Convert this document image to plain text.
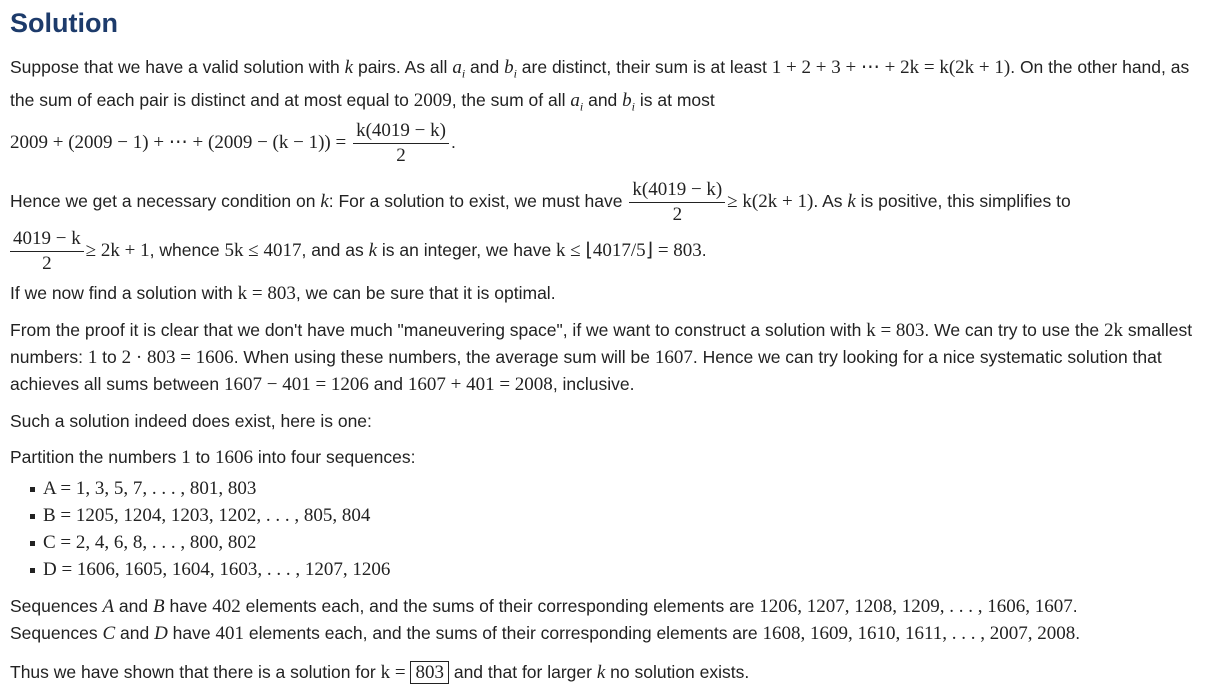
Solution

Suppose that we have a valid solution with k pairs. As all $a_i$ and $b_i$ are distinct, their sum is at least 1 + 2 + 3 + ⋯ + 2k = k(2k + 1). On the other hand, as the sum of each pair is distinct and at most equal to 2009, the sum of all $a_i$ and $b_i$ is at most

2009 + (2009 − 1) + ⋯ + $(2009 - (k - 1)) = \frac{k(4019 - k)}{2}$ .

Hence we get a necessary condition on k: For a solution to exist, we must have $\frac{k(4019 - k)}{2} \ge k(2k + 1)$. As k is positive, this simplifies to

$\frac{4019 - k}{2} \ge 2k + 1$, whence 5k ≤ 4017, and as k is an integer, we have k ≤ ⌊4017/5⌋ = 803.

If we now find a solution with k = 803, we can be sure that it is optimal.

From the proof it is clear that we don't have much "maneuvering space", if we want to construct a solution with k = 803. We can try to use the 2k smallest numbers: 1 to 2 · 803 = 1606. When using these numbers, the average sum will be 1607. Hence we can try looking for a nice systematic solution that achieves all sums between 1607 − 401 = 1206 and 1607 + 401 = 2008, inclusive.

Such a solution indeed does exist, here is one:

Partition the numbers 1 to 1606 into four sequences:

A = 1, 3, 5, 7, . . . , 801, 803
B = 1205, 1204, 1203, 1202, . . . , 805, 804
C = 2, 4, 6, 8, . . . , 800, 802
D = 1606, 1605, 1604, 1603, . . . , 1207, 1206

Sequences A and B have 402 elements each, and the sums of their corresponding elements are 1206, 1207, 1208, 1209, . . . , 1606, 1607.
Sequences C and D have 401 elements each, and the sums of their corresponding elements are 1608, 1609, 1610, 1611, . . . , 2007, 2008.

Thus we have shown that there is a solution for k = 803 and that for larger k no solution exists.
